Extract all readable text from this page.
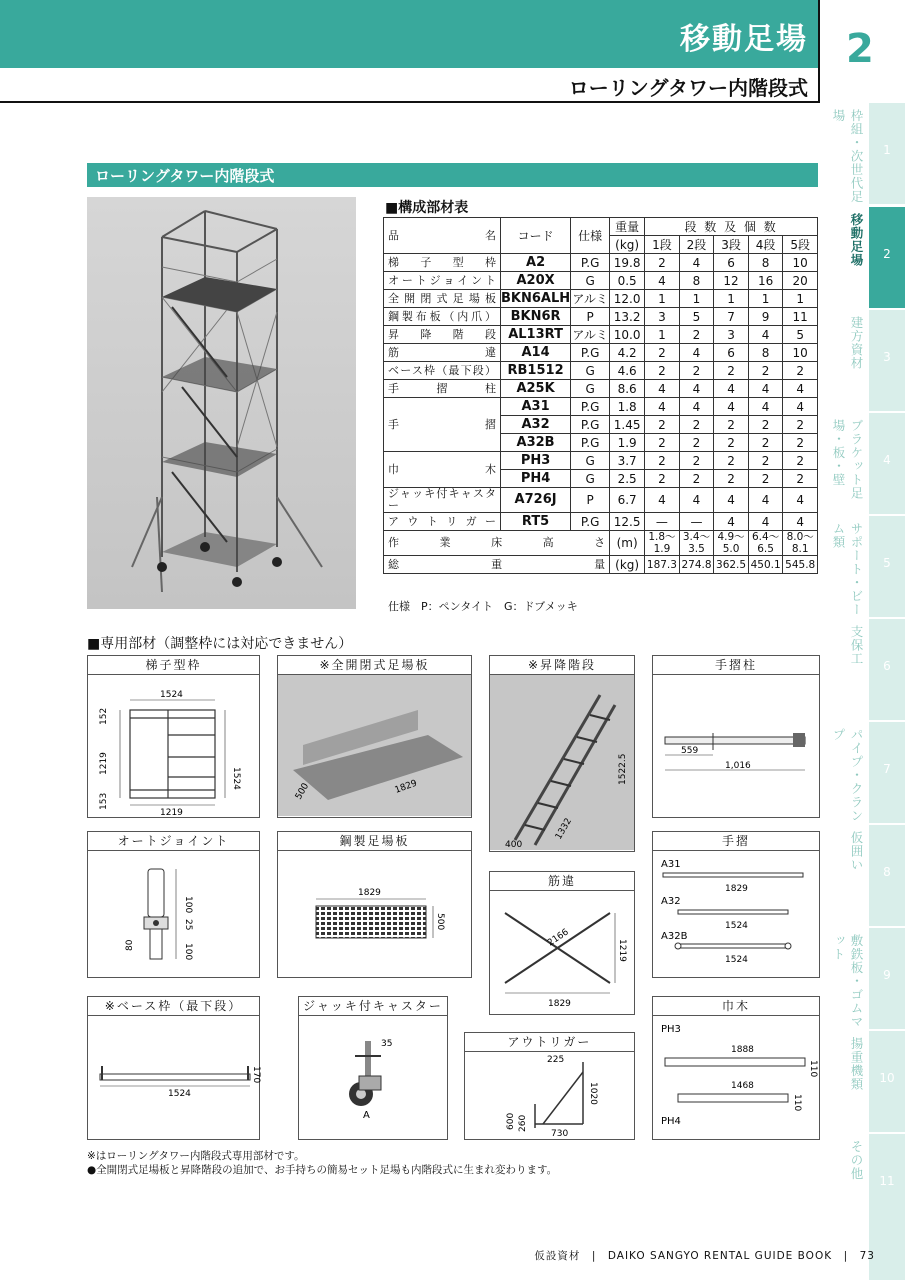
移動足場
ローリングタワー内階段式
2
枠組・次世代足場
1
移動足場	2
建方資材	3
ブラケット足場・板・壁	4
サポート・ビーム類
5
支保工
6
パイプ・クランプ
7
仮囲い
8
敷鉄板・ゴムマット
9
揚重機類	10
その他
11
ローリングタワー内階段式
■構成部材表
品　　　　　名	コード	仕様	重量	段 数 及 個 数				
			(kg)	1段	2段	3段	4段	5段
梯子型枠	A2	P.G	19.8	2	4	6	8	10
オートジョイント	A20X	G	0.5	4	8	12	16	20
全開閉式足場板	BKN6ALH	アルミ	12.0	1	1	1	1	1
鋼製布板（内爪）	BKN6R	P	13.2	3	5	7	9	11
昇降階段	AL13RT	アルミ	10.0	1	2	3	4	5
筋違	A14	P.G	4.2	2	4	6	8	10
ベース枠（最下段）	RB1512	G	4.6	2	2	2	2	2
手摺柱	A25K	G	8.6	4	4	4	4	4
手摺	A31	P.G	1.8	4	4	4	4	4
	A32	P.G	1.45	2	2	2	2	2
	A32B	P.G	1.9	2	2	2	2	2
巾木	PH3	G	3.7	2	2	2	2	2
	PH4	G	2.5	2	2	2	2	2
ジャッキ付キャスター	A726J	P	6.7	4	4	4	4	4
アウトリガー	RT5	P.G	12.5	—	—	4	4	4
作　業　床　高　さ			(m)	1.8～1.9	3.4～3.5	4.9～5.0	6.4～6.5	8.0～8.1
総　　　重　　　量			(kg)	187.3	274.8	362.5	450.1	545.8
仕様　P：ペンタイト　G：ドブメッキ
■専用部材（調整枠には対応できません）
梯子型枠
1524
152
1219
153
1219
1524
※全開閉式足場板
500	1829
※昇降階段
1522.5
1332
400
手摺柱
559
1,016
オートジョイント
100
25
80	100
鋼製足場板
1829
500
筋違
2166
1219
1829
手摺
A31
1829
A32
1524
A32B
1524
※ベース枠（最下段）
1524
170
ジャッキ付キャスター
35
A
アウトリガー
225
1020
600 260
730
巾木
PH3
1888
110
1468
110
PH4
※はローリングタワー内階段式専用部材です。
●全開閉式足場板と昇降階段の追加で、お手持ちの簡易セット足場も内階段式に生まれ変わります。
仮設資材　|　DAIKO SANGYO RENTAL GUIDE BOOK　|　73
